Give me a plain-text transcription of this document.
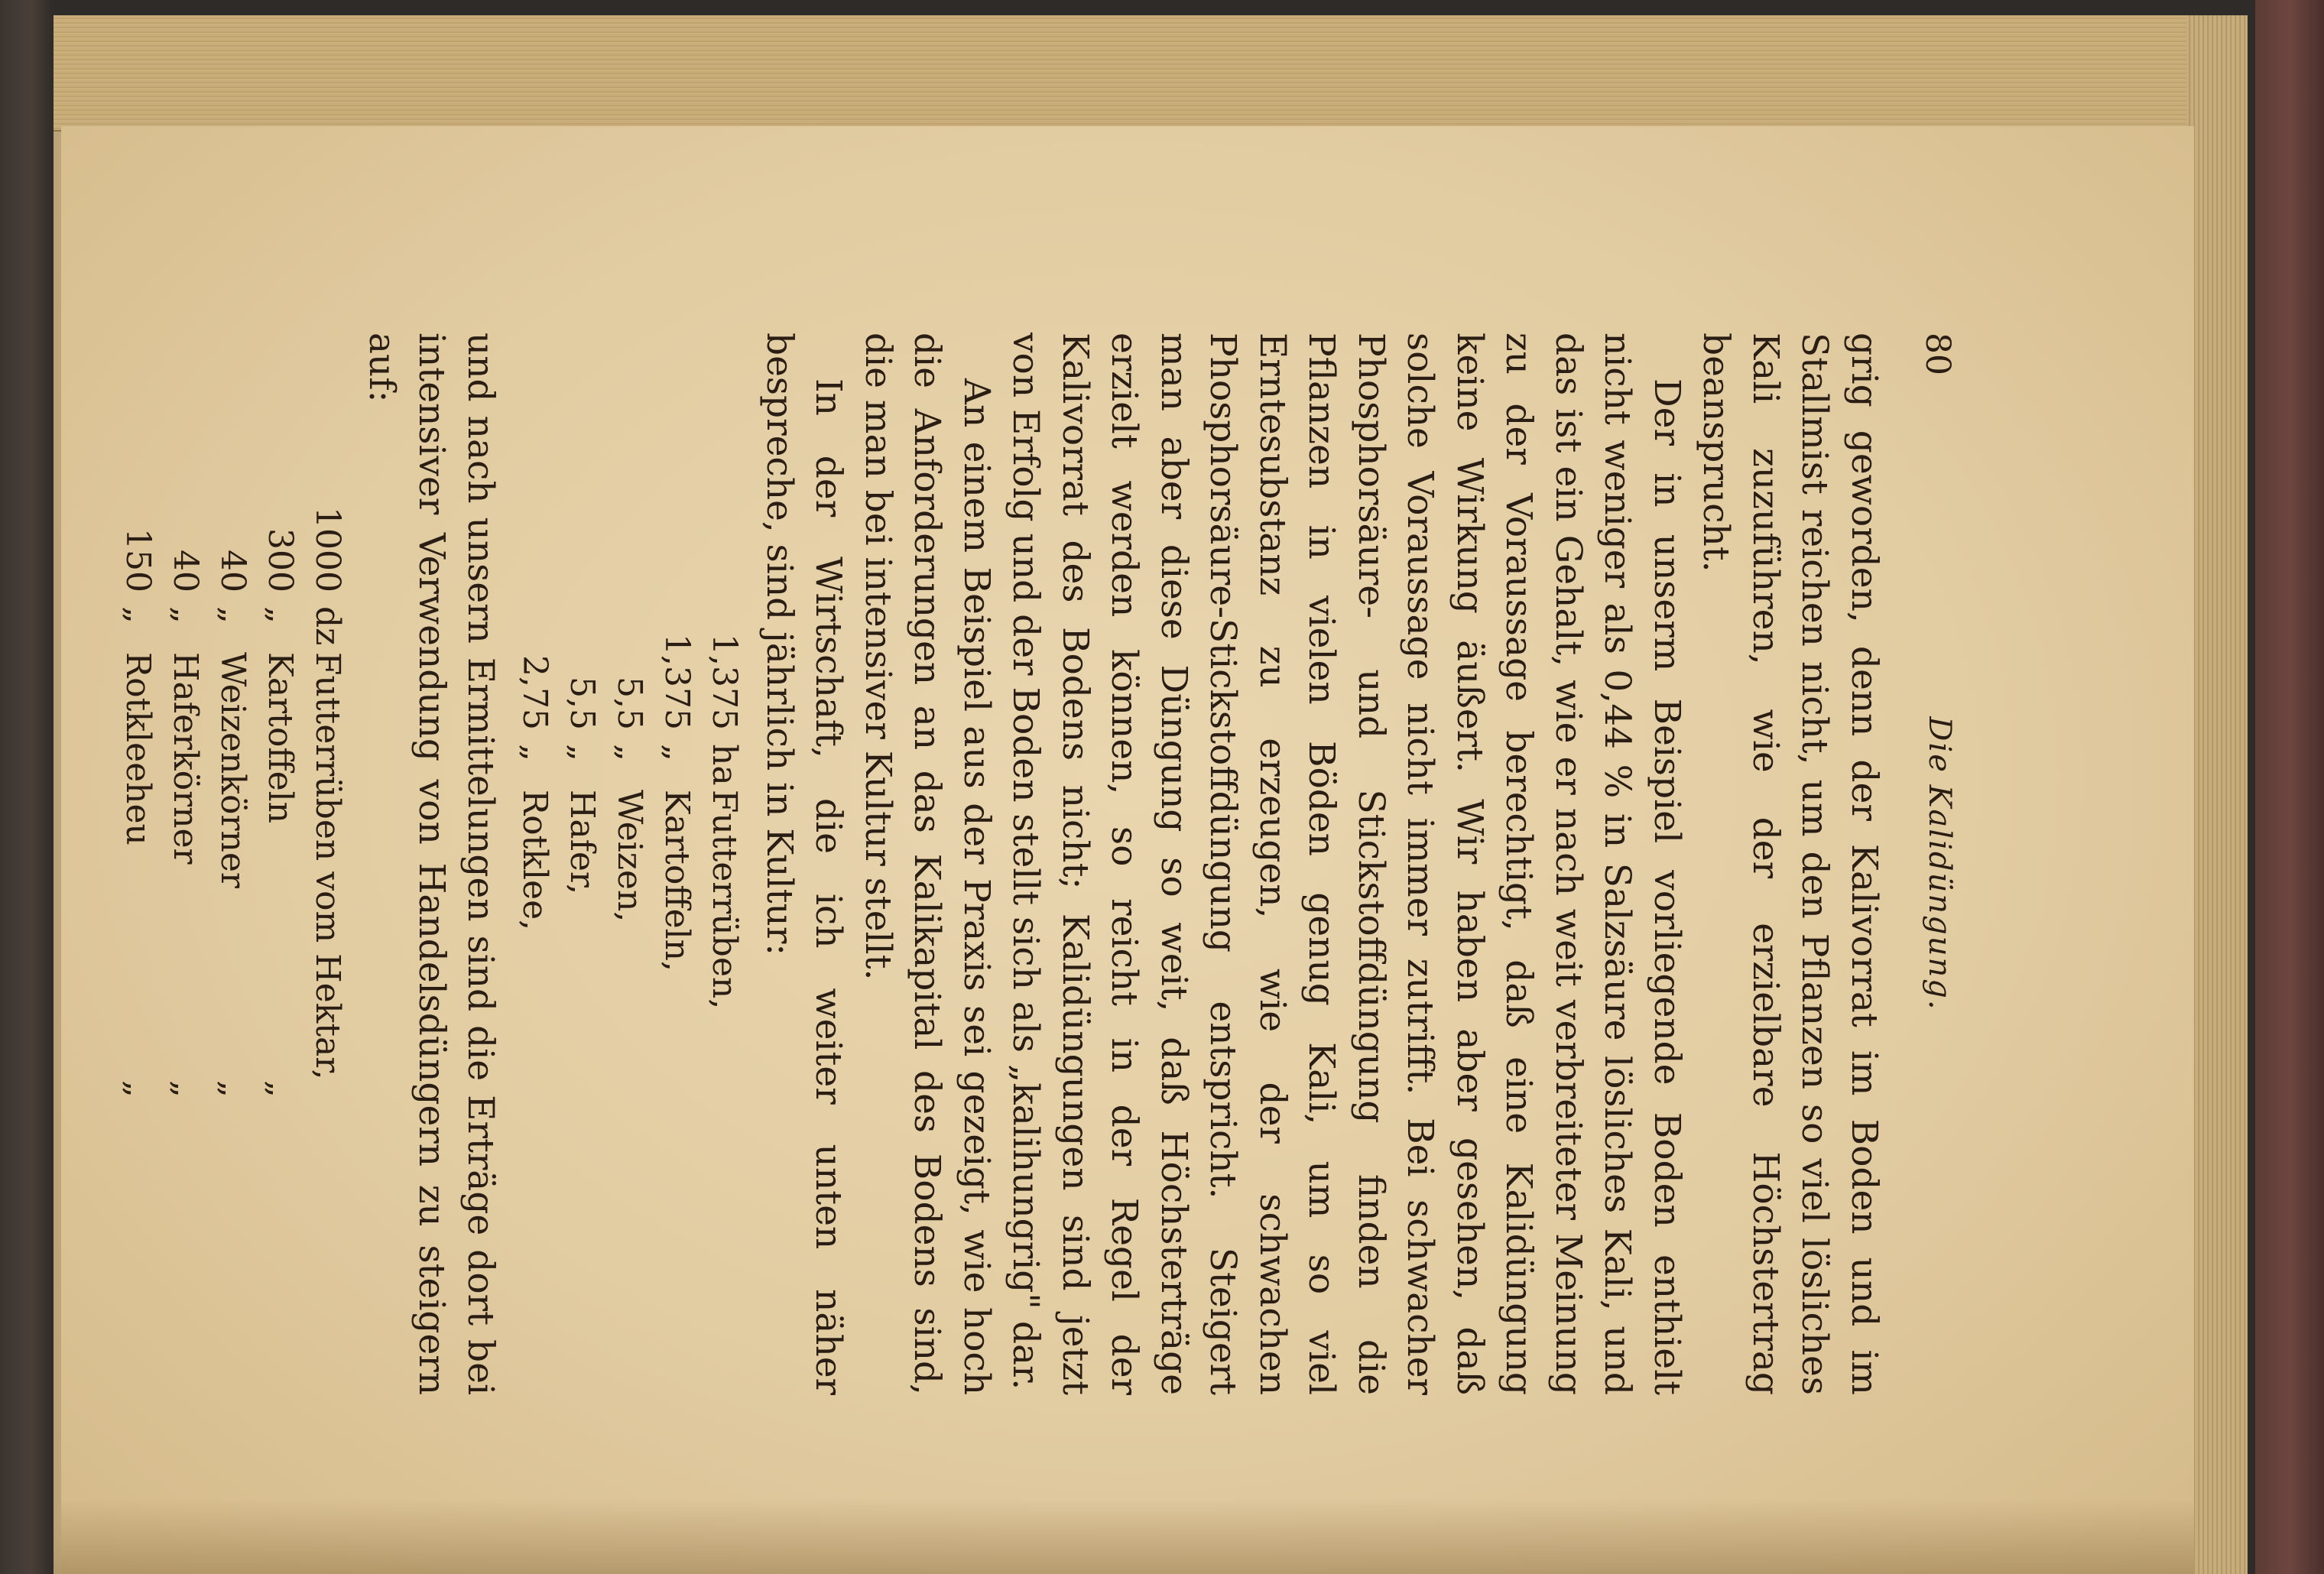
80
Die Kalidüngung.

grig geworden, denn der Kalivorrat im Boden und im Stallmist reichen nicht, um den Pflanzen so viel lösliches Kali zuzuführen, wie der erzielbare Höchstertrag beansprucht.

Der in unserm Beispiel vorliegende Boden enthielt nicht weniger als 0,44 % in Salzsäure lösliches Kali, und das ist ein Gehalt, wie er nach weit verbreiteter Meinung zu der Voraussage berechtigt, daß eine Kalidüngung keine Wirkung äußert. Wir haben aber gesehen, daß solche Voraussage nicht immer zutrifft. Bei schwacher Phosphorsäure- und Stickstoffdüngung finden die Pflanzen in vielen Böden genug Kali, um so viel Erntesubstanz zu erzeugen, wie der schwachen Phosphorsäure-Stickstoffdüngung entspricht. Steigert man aber diese Düngung so weit, daß Höchsterträge erzielt werden können, so reicht in der Regel der Kalivorrat des Bodens nicht; Kalidüngungen sind jetzt von Erfolg und der Boden stellt sich als „kalihungrig" dar.

An einem Beispiel aus der Praxis sei gezeigt, wie hoch die Anforderungen an das Kalikapital des Bodens sind, die man bei intensiver Kultur stellt.

In der Wirtschaft, die ich weiter unten näher bespreche, sind jährlich in Kultur:

1,375
ha
Futterrüben,
1,375
„
Kartoffeln,
5,5
„
Weizen,
5,5
„
Hafer,
2,75
„
Rotklee,

und nach unsern Ermittelungen sind die Erträge dort bei intensiver Verwendung von Handelsdüngern zu steigern auf:

1000
dz
Futterrüben vom Hektar,
300
„
Kartoffeln
„
40
„
Weizenkörner
„
40
„
Haferkörner
„
150
„
Rotkleeheu
„
